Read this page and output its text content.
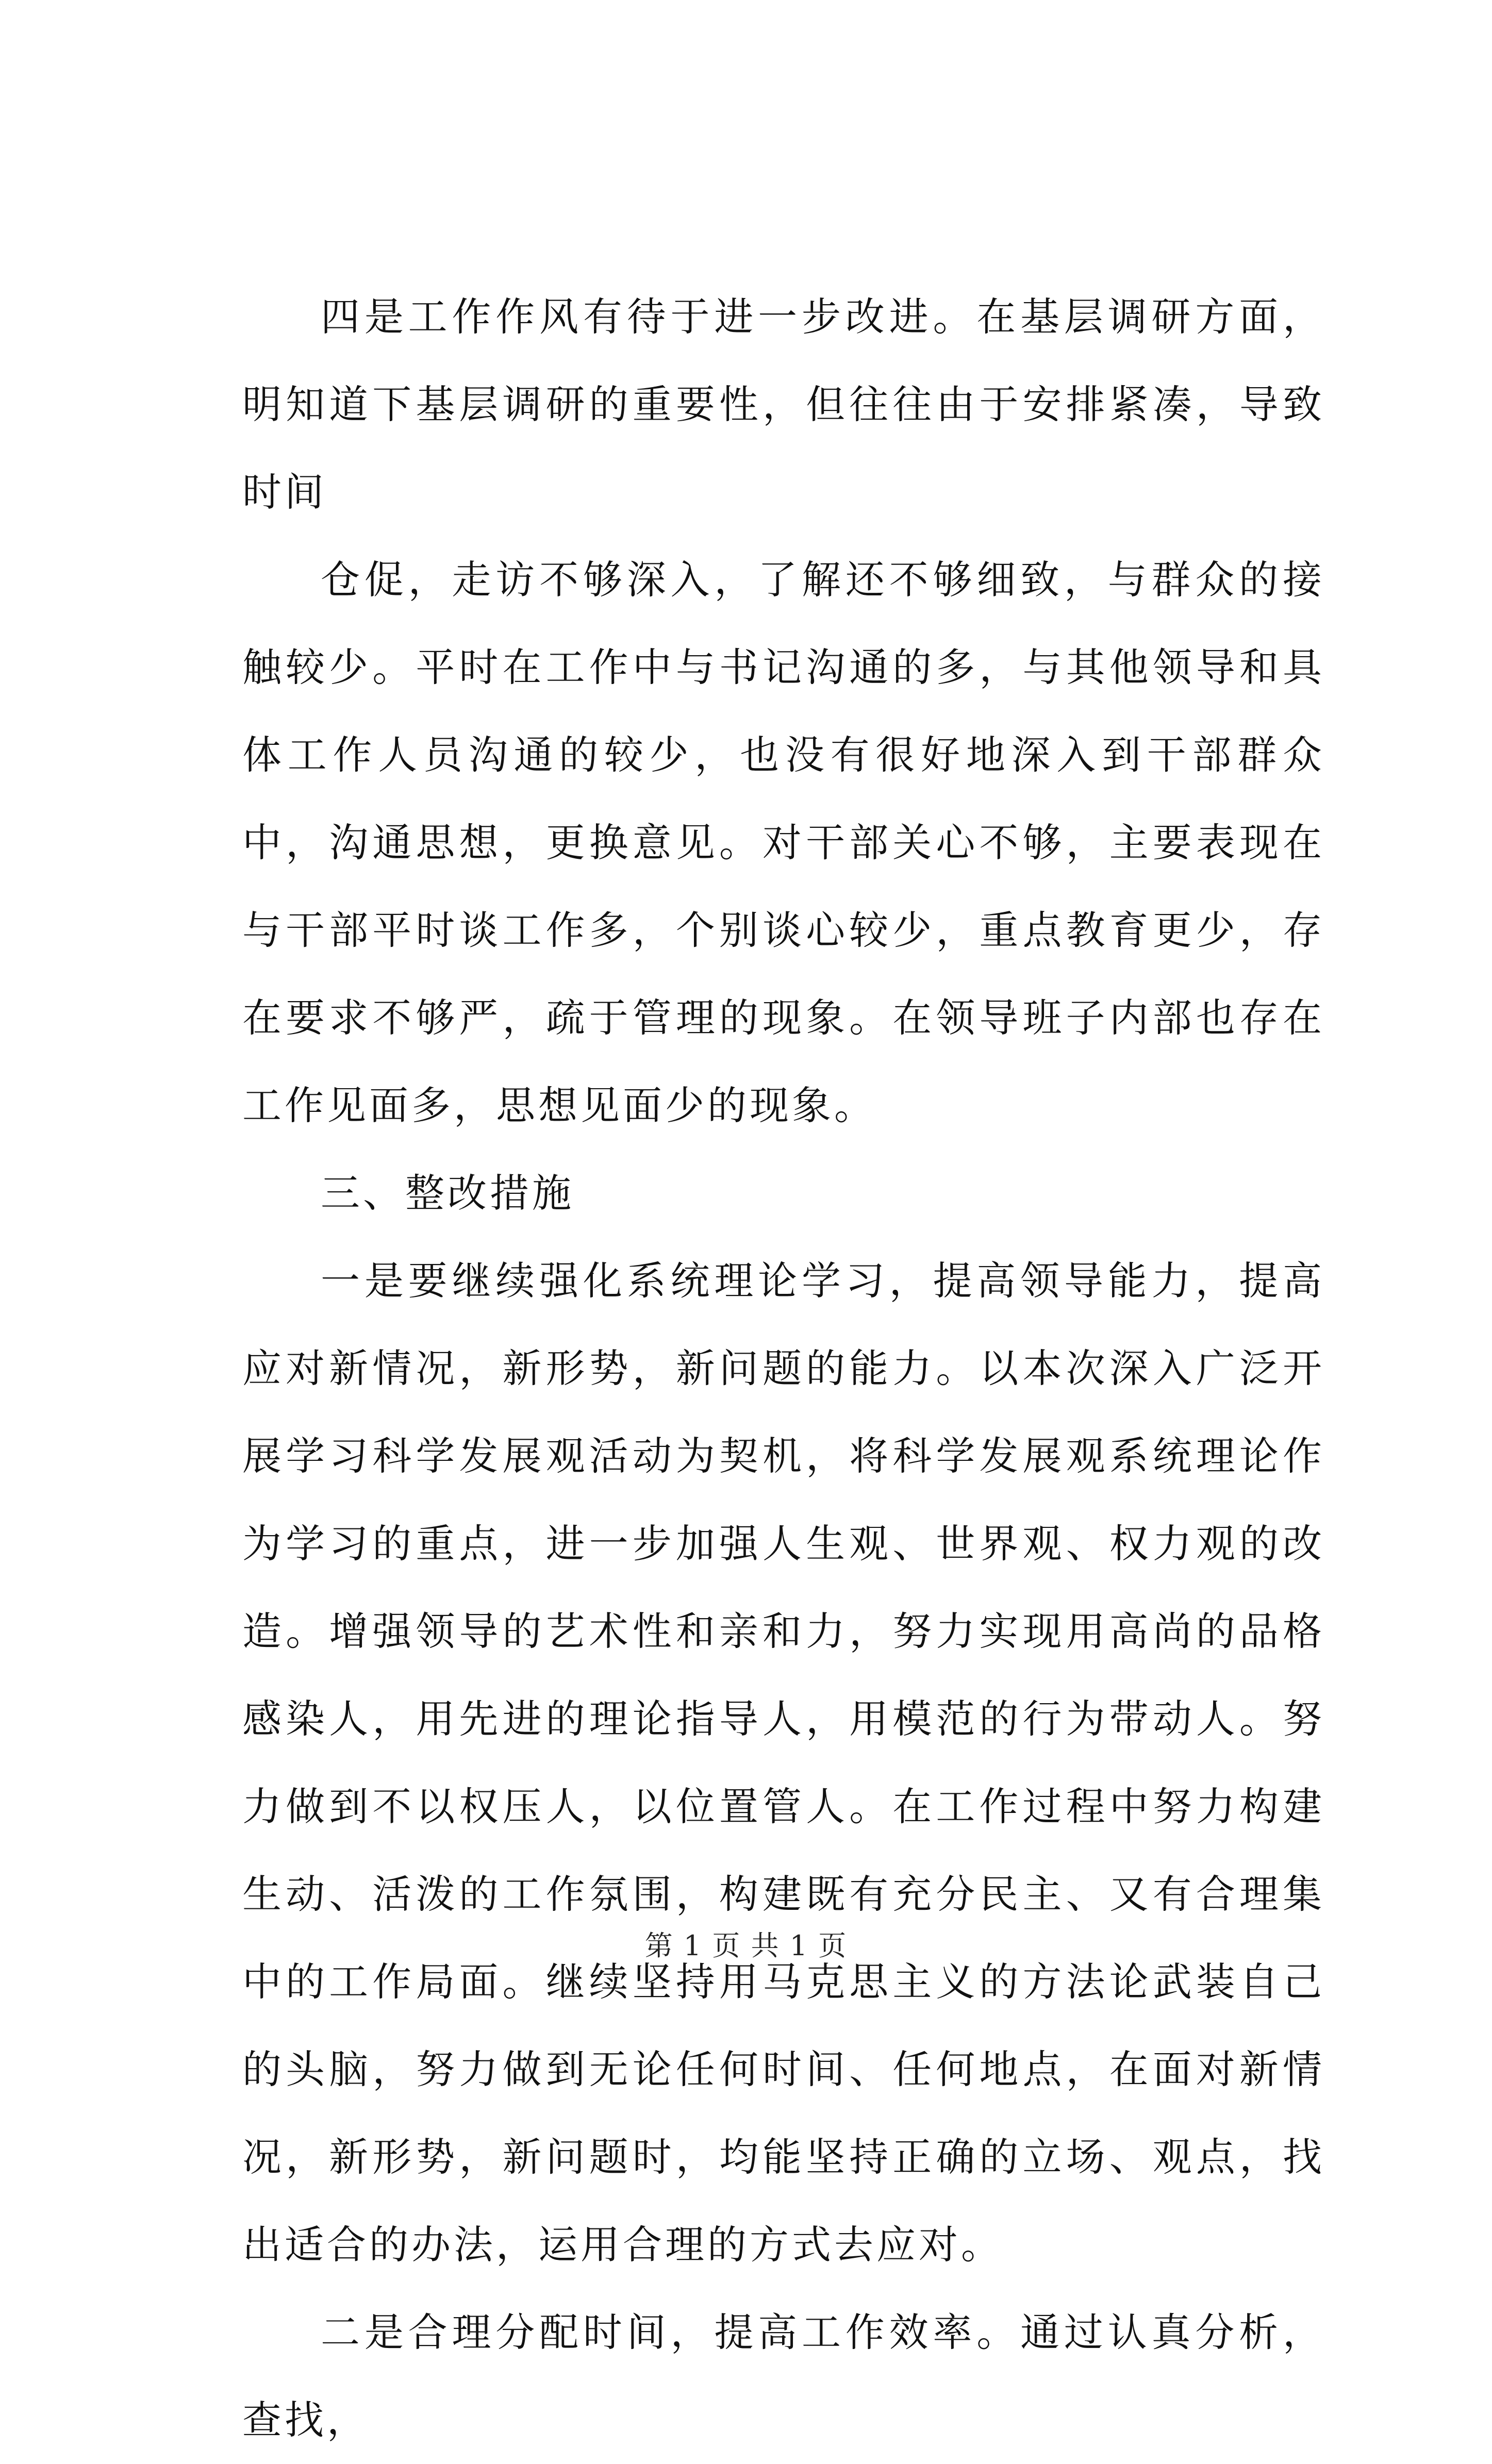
四是工作作风有待于进一步改进。在基层调研方面，明知道下基层调研的重要性，但往往由于安排紧凑，导致时间

仓促，走访不够深入，了解还不够细致，与群众的接触较少。平时在工作中与书记沟通的多，与其他领导和具体工作人员沟通的较少，也没有很好地深入到干部群众中，沟通思想，更换意见。对干部关心不够，主要表现在与干部平时谈工作多，个别谈心较少，重点教育更少，存在要求不够严，疏于管理的现象。在领导班子内部也存在工作见面多，思想见面少的现象。

三、整改措施

一是要继续强化系统理论学习，提高领导能力，提高应对新情况，新形势，新问题的能力。以本次深入广泛开展学习科学发展观活动为契机，将科学发展观系统理论作为学习的重点，进一步加强人生观、世界观、权力观的改造。增强领导的艺术性和亲和力，努力实现用高尚的品格感染人，用先进的理论指导人，用模范的行为带动人。努力做到不以权压人，以位置管人。在工作过程中努力构建生动、活泼的工作氛围，构建既有充分民主、又有合理集中的工作局面。继续坚持用马克思主义的方法论武装自己的头脑，努力做到无论任何时间、任何地点，在面对新情况，新形势，新问题时，均能坚持正确的立场、观点，找出适合的办法，运用合理的方式去应对。

二是合理分配时间，提高工作效率。通过认真分析，查找，

第 1 页 共 1 页
